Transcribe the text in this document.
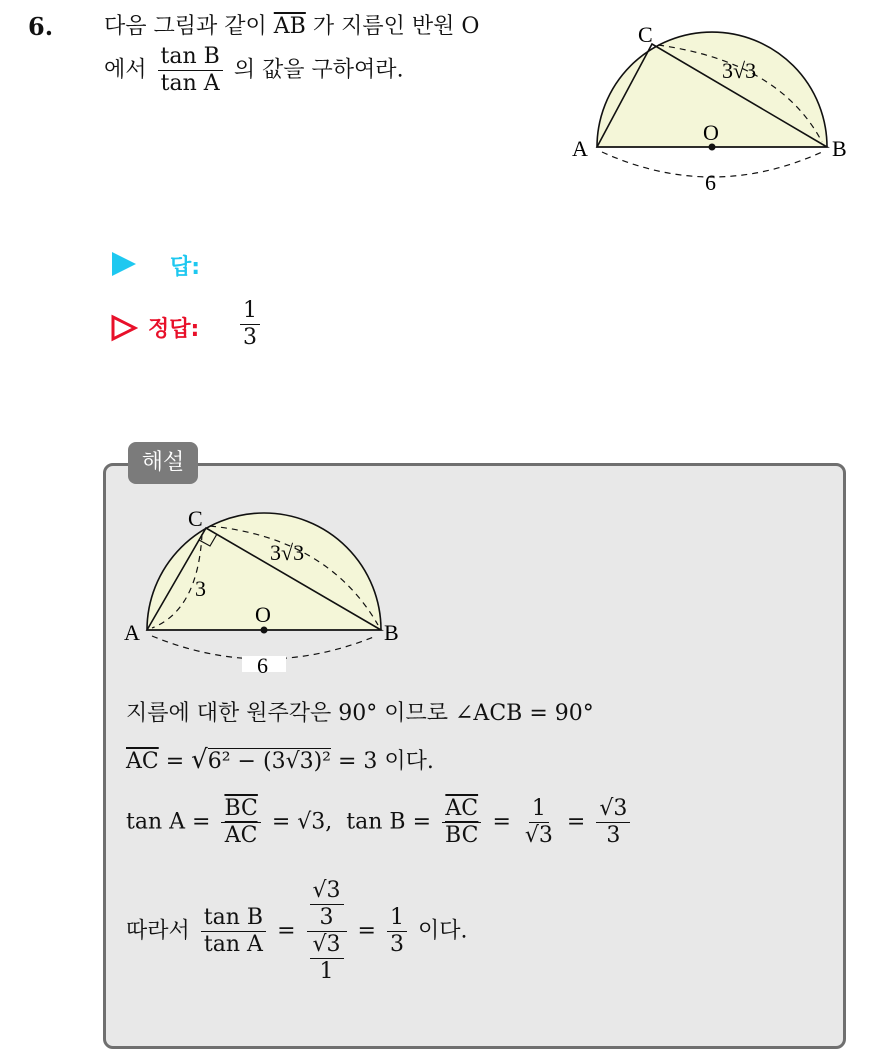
6. 다음 그림과 같이 $\overline{AB}$ 가 지름인 반원 O
에서 $\frac{\text{tan B}}{\text{tan A}}$ 의 값을 구하여라.
C
A	B
O
3√3
6
답:
정답: $\frac{1}{3}$
해설
C
A	B
O
3√3
3
6
지름에 대한 원주각은 90° 이므로 ∠ACB = 90°
$\overline{AC} = √6^2 - (3√3)^2 = 3$ 이다.
$\tan A = \frac{\overline{BC}}{AC} = √3$, $\tan B = \frac{\overline{AC}}{BC} = \frac{1}{√3} = \frac{√3}{3}$
따라서 $\frac{\text{tan B}}{\text{tan A}} = \frac{\frac{√3}{3}}{\frac{√3}{1}} = \frac{1}{3}$ 이다.
